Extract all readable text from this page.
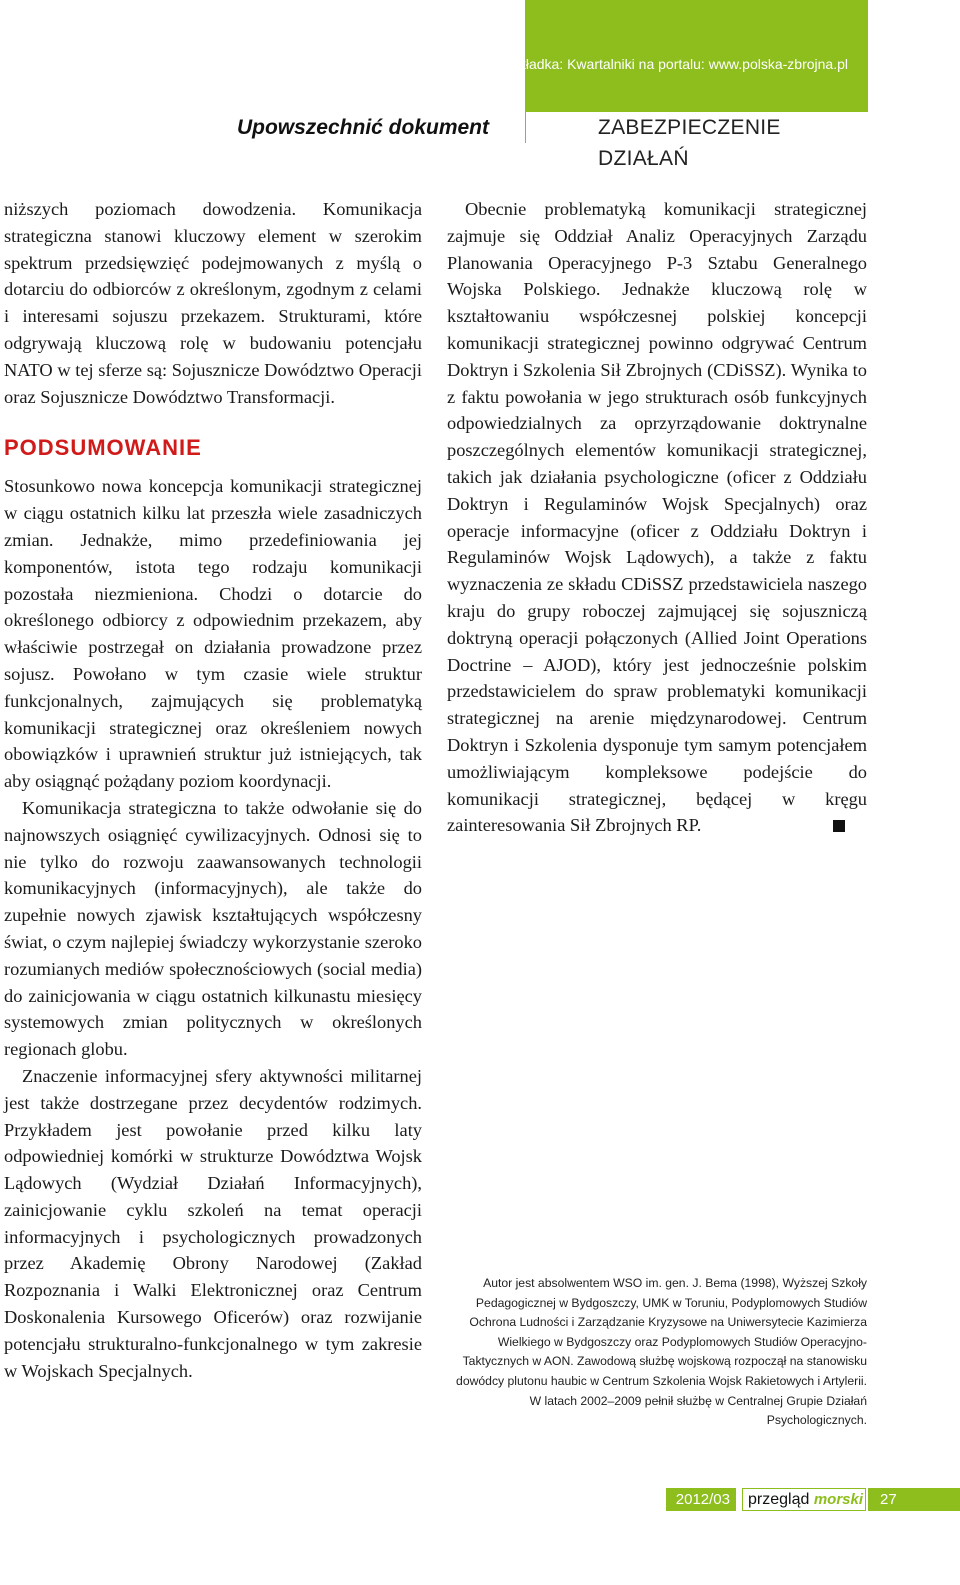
Zakładka: Kwartalniki na portalu: www.polska-zbrojna.pl
Upowszechnić dokument	ZABEZPIECZENIE DZIAŁAŃ

niższych poziomach dowodzenia. Komunikacja strategiczna stanowi kluczowy element w szerokim spektrum przedsięwzięć podejmowanych z myślą o dotarciu do odbiorców z określonym, zgodnym z celami i interesami sojuszu przekazem. Strukturami, które odgrywają kluczową rolę w budowaniu potencjału NATO w tej sferze są: Sojusznicze Dowództwo Operacji oraz Sojusznicze Dowództwo Transformacji.

PODSUMOWANIE

Stosunkowo nowa koncepcja komunikacji strategicznej w ciągu ostatnich kilku lat przeszła wiele zasadniczych zmian. Jednakże, mimo przedefiniowania jej komponentów, istota tego rodzaju komunikacji pozostała niezmieniona. Chodzi o dotarcie do określonego odbiorcy z odpowiednim przekazem, aby właściwie postrzegał on działania prowadzone przez sojusz. Powołano w tym czasie wiele struktur funkcjonalnych, zajmujących się problematyką komunikacji strategicznej oraz określeniem nowych obowiązków i uprawnień struktur już istniejących, tak aby osiągnąć pożądany poziom koordynacji.

Komunikacja strategiczna to także odwołanie się do najnowszych osiągnięć cywilizacyjnych. Odnosi się to nie tylko do rozwoju zaawansowanych technologii komunikacyjnych (informacyjnych), ale także do zupełnie nowych zjawisk kształtujących współczesny świat, o czym najlepiej świadczy wykorzystanie szeroko rozumianych mediów społecznościowych (social media) do zainicjowania w ciągu ostatnich kilkunastu miesięcy systemowych zmian politycznych w określonych regionach globu.

Znaczenie informacyjnej sfery aktywności militarnej jest także dostrzegane przez decydentów rodzimych. Przykładem jest powołanie przed kilku laty odpowiedniej komórki w strukturze Dowództwa Wojsk Lądowych (Wydział Działań Informacyjnych), zainicjowanie cyklu szkoleń na temat operacji informacyjnych i psychologicznych prowadzonych przez Akademię Obrony Narodowej (Zakład Rozpoznania i Walki Elektronicznej oraz Centrum Doskonalenia Kursowego Oficerów) oraz rozwijanie potencjału strukturalno-funkcjonalnego w tym zakresie w Wojskach Specjalnych.

Obecnie problematyką komunikacji strategicznej zajmuje się Oddział Analiz Operacyjnych Zarządu Planowania Operacyjnego P-3 Sztabu Generalnego Wojska Polskiego. Jednakże kluczową rolę w kształtowaniu współczesnej polskiej koncepcji komunikacji strategicznej powinno odgrywać Centrum Doktryn i Szkolenia Sił Zbrojnych (CDiSSZ). Wynika to z faktu powołania w jego strukturach osób funkcyjnych odpowiedzialnych za oprzyrządowanie doktrynalne poszczególnych elementów komunikacji strategicznej, takich jak działania psychologiczne (oficer z Oddziału Doktryn i Regulaminów Wojsk Specjalnych) oraz operacje informacyjne (oficer z Oddziału Doktryn i Regulaminów Wojsk Lądowych), a także z faktu wyznaczenia ze składu CDiSSZ przedstawiciela naszego kraju do grupy roboczej zajmującej się sojuszniczą doktryną operacji połączonych (Allied Joint Operations Doctrine – AJOD), który jest jednocześnie polskim przedstawicielem do spraw problematyki komunikacji strategicznej na arenie międzynarodowej. Centrum Doktryn i Szkolenia dysponuje tym samym potencjałem umożliwiającym kompleksowe podejście do komunikacji strategicznej, będącej w kręgu zainteresowania Sił Zbrojnych RP.

Autor jest absolwentem WSO im. gen. J. Bema (1998), Wyższej Szkoły Pedagogicznej w Bydgoszczy, UMK w Toruniu, Podyplomowych Studiów Ochrona Ludności i Zarządzanie Kryzysowe na Uniwersytecie Kazimierza Wielkiego w Bydgoszczy oraz Podyplomowych Studiów Operacyjno-Taktycznych w AON. Zawodową służbę wojskową rozpoczął na stanowisku dowódcy plutonu haubic w Centrum Szkolenia Wojsk Rakietowych i Artylerii. W latach 2002–2009 pełnił służbę w Centralnej Grupie Działań Psychologicznych.

2012/03	przegląd morski	27
